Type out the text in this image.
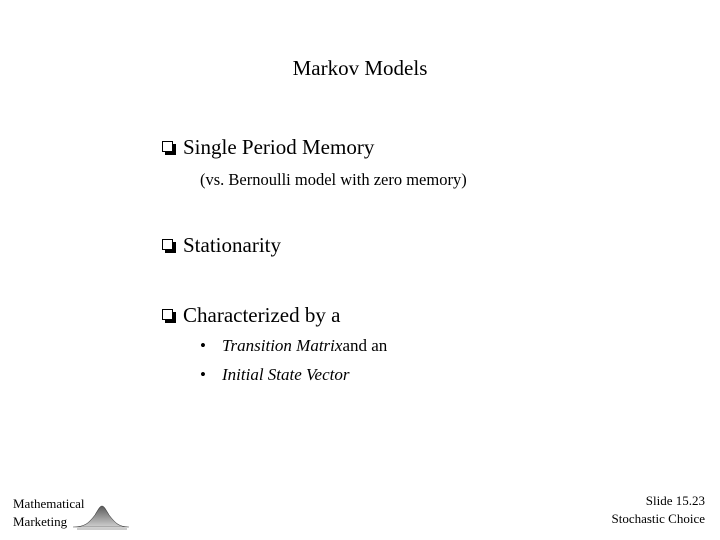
Markov Models
Single Period Memory
(vs. Bernoulli model with zero memory)
Stationarity
Characterized by a
• Transition Matrix and an
• Initial State Vector
Mathematical
Marketing
Slide 15.23
Stochastic Choice
